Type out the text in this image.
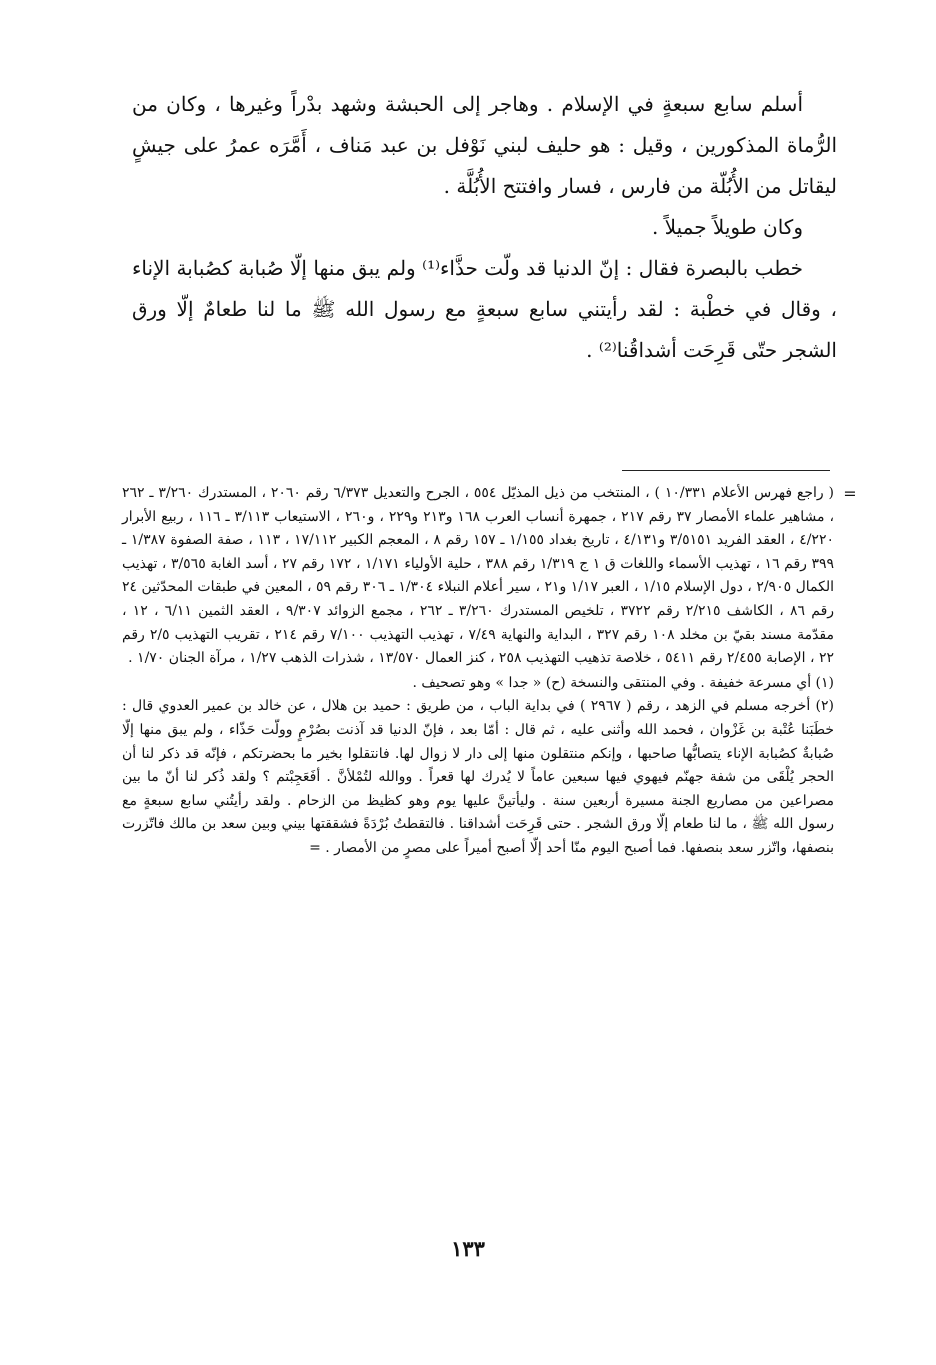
أسلم سابع سبعةٍ في الإسلام . وهاجر إلى الحبشة وشهد بدْراً وغيرها ، وكان من الرُّماة المذكورين ، وقيل : هو حليف لبني نَوْفل بن عبد مَناف ، أَمَّرَه عمرُ على جيشٍ ليقاتل من الأُبُلّة من فارس ، فسار وافتتح الأُبُلَّة .

وكان طويلاً جميلاً .

خطب بالبصرة فقال : إنّ الدنيا قد ولّت حذَّاء⁽¹⁾ ولم يبق منها إلّا صُبابة كصُبابة الإناء ، وقال في خطْبة : لقد رأيتني سابع سبعةٍ مع رسول الله ﷺ ما لنا طعامٌ إلّا ورق الشجر حتّى قَرِحَت أشداقُنا⁽²⁾ .

=

( راجع فهرس الأعلام ١٠/٣٣١ ) ، المنتخب من ذيل المذيّل ٥٥٤ ، الجرح والتعديل ٦/٣٧٣ رقم ٢٠٦٠ ، المستدرك ٣/٢٦٠ ـ ٢٦٢ ، مشاهير علماء الأمصار ٣٧ رقم ٢١٧ ، جمهرة أنساب العرب ١٦٨ و٢١٣ و٢٢٩ ، و٢٦٠ ، الاستيعاب ٣/١١٣ ـ ١١٦ ، ربيع الأبرار ٤/٢٢٠ ، العقد الفريد ٣/٥١٥١ و٤/١٣١ ، تاريخ بغداد ١/١٥٥ ـ ١٥٧ رقم ٨ ، المعجم الكبير ١٧/١١٢ ، ١١٣ ، صفة الصفوة ١/٣٨٧ ـ ٣٩٩ رقم ١٦ ، تهذيب الأسماء واللغات ق ١ ج ١/٣١٩ رقم ٣٨٨ ، حلية الأولياء ١/١٧١ ، ١٧٢ رقم ٢٧ ، أسد الغابة ٣/٥٦٥ ، تهذيب الكمال ٢/٩٠٥ ، دول الإسلام ١/١٥ ، العبر ١/١٧ و٢١ ، سير أعلام النبلاء ١/٣٠٤ ـ ٣٠٦ رقم ٥٩ ، المعين في طبقات المحدّثين ٢٤ رقم ٨٦ ، الكاشف ٢/٢١٥ رقم ٣٧٢٢ ، تلخيص المستدرك ٣/٢٦٠ ـ ٢٦٢ ، مجمع الزوائد ٩/٣٠٧ ، العقد الثمين ٦/١١ ، ١٢ ، مقدّمة مسند بقيّ بن مخلد ١٠٨ رقم ٣٢٧ ، البداية والنهاية ٧/٤٩ ، تهذيب التهذيب ٧/١٠٠ رقم ٢١٤ ، تقريب التهذيب ٢/٥ رقم ٢٢ ، الإصابة ٢/٤٥٥ رقم ٥٤١١ ، خلاصة تذهيب التهذيب ٢٥٨ ، كنز العمال ١٣/٥٧٠ ، شذرات الذهب ١/٢٧ ، مرآة الجنان ١/٧٠ .

(١) أي مسرعة خفيفة . وفي المنتقى والنسخة (ح) « جدا » وهو تصحيف .

(٢) أخرجه مسلم في الزهد ، رقم ( ٢٩٦٧ ) في بداية الباب ، من طريق : حميد بن هلال ، عن خالد بن عمير العدوي قال : خطَبَنا عُتْبة بن غَزْوان ، فحمد الله وأثنى عليه ، ثم قال : أمّا بعد ، فإنّ الدنيا قد آذنت بصُرْمٍ وولّت حَذّاء ، ولم يبق منها إلّا صُبابةٌ كصُبابة الإناء يتصابُّها صاحبها ، وإنكم منتقلون منها إلى دار لا زوال لها. فانتقلوا بخير ما بحضرتكم ، فإنّه قد ذكر لنا أن الحجر يُلْقَى من شفة جهنّم فيهوي فيها سبعين عاماً لا يُدرك لها قعراً . ووالله لتُمْلأنَّ . أفَعَجِبْتم ؟ ولقد ذُكر لنا أنّ ما بين مصراعين من مصاريع الجنة مسيرة أربعين سنة . وليأتينَّ عليها يوم وهو كظيظ من الزحام . ولقد رأيتُني سابع سبعةٍ مع رسول الله ﷺ ، ما لنا طعام إلّا ورق الشجر . حتى قَرِحَت أشداقنا . فالتقطتُ بُرْدَةً فشققتها بيني وبين سعد بن مالك فاتّزرت بنصفها، واتّزر سعد بنصفها. فما أصبح اليوم منّا أحد إلّا أصبح أميراً على مصرٍ من الأمصار . =

١٣٣
